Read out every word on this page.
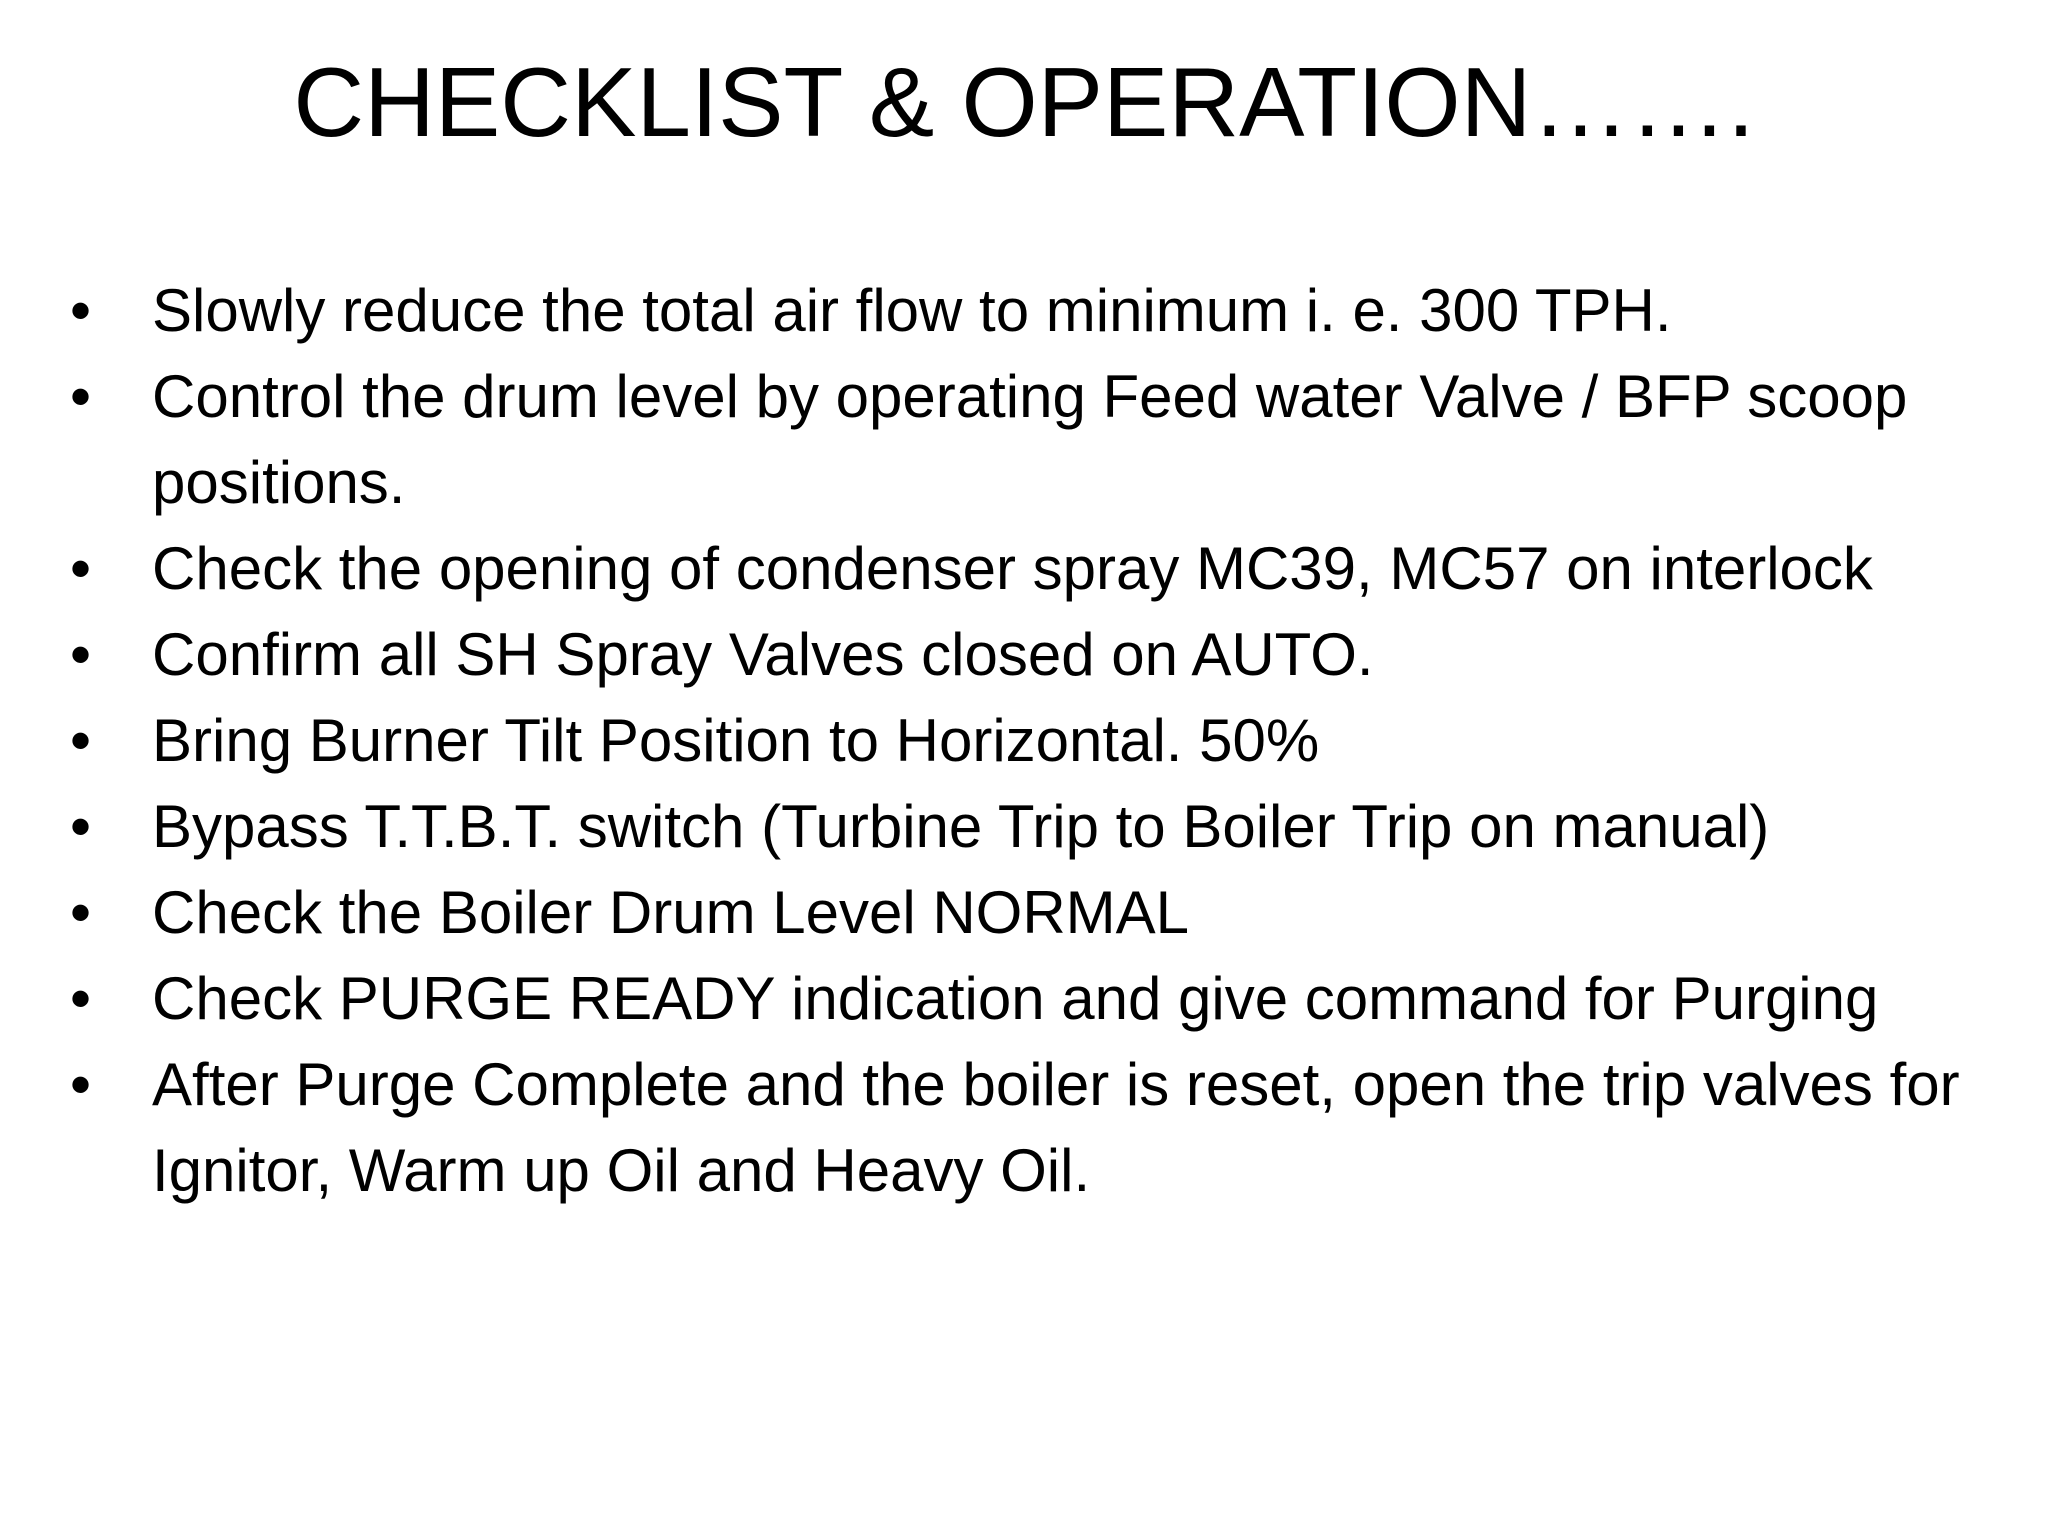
CHECKLIST & OPERATION…….
•	Slowly reduce the total air flow to minimum i. e. 300 TPH.
•	Control the drum level by operating Feed water Valve / BFP scoop positions.
•	Check the opening of condenser spray MC39, MC57 on interlock
•	Confirm all SH Spray Valves closed on AUTO.
•	Bring Burner Tilt Position to Horizontal. 50%
•	Bypass T.T.B.T. switch (Turbine Trip to Boiler Trip on manual)
•	Check the Boiler Drum Level NORMAL
•	Check PURGE READY indication and give command for Purging
•	After Purge Complete and the boiler is reset, open the trip valves for Ignitor, Warm up Oil and Heavy Oil.
